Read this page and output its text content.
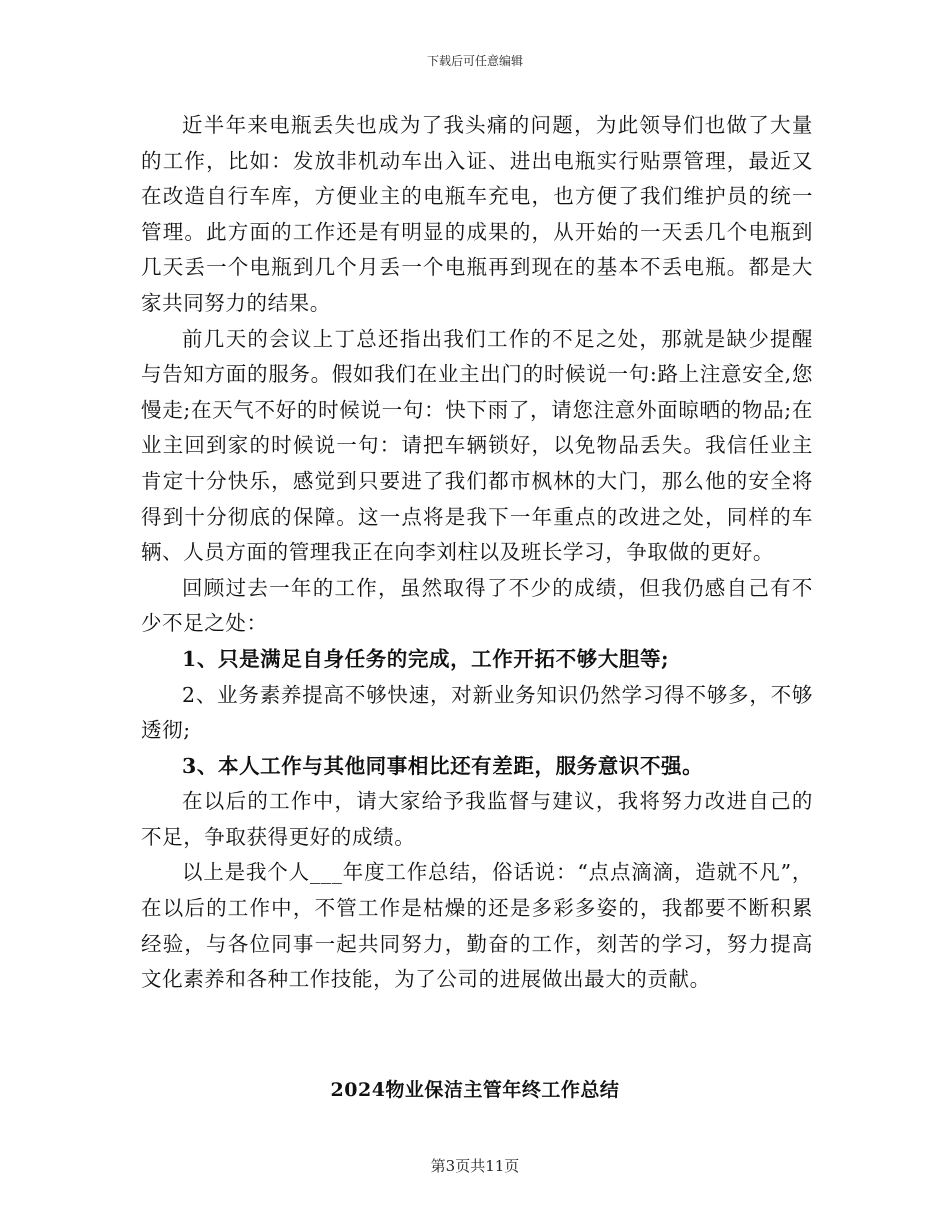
下载后可任意编辑

近半年来电瓶丢失也成为了我头痛的问题，为此领导们也做了大量的工作，比如：发放非机动车出入证、进出电瓶实行贴票管理，最近又在改造自行车库，方便业主的电瓶车充电，也方便了我们维护员的统一管理。此方面的工作还是有明显的成果的，从开始的一天丢几个电瓶到几天丢一个电瓶到几个月丢一个电瓶再到现在的基本不丢电瓶。都是大家共同努力的结果。

前几天的会议上丁总还指出我们工作的不足之处，那就是缺少提醒与告知方面的服务。假如我们在业主出门的时候说一句:路上注意安全,您慢走;在天气不好的时候说一句：快下雨了，请您注意外面晾晒的物品;在业主回到家的时候说一句：请把车辆锁好，以免物品丢失。我信任业主肯定十分快乐，感觉到只要进了我们都市枫林的大门，那么他的安全将得到十分彻底的保障。这一点将是我下一年重点的改进之处，同样的车辆、人员方面的管理我正在向李刘柱以及班长学习，争取做的更好。

回顾过去一年的工作，虽然取得了不少的成绩，但我仍感自己有不少不足之处：

1、只是满足自身任务的完成，工作开拓不够大胆等;

2、业务素养提高不够快速，对新业务知识仍然学习得不够多，不够透彻;

3、本人工作与其他同事相比还有差距，服务意识不强。

在以后的工作中，请大家给予我监督与建议，我将努力改进自己的不足，争取获得更好的成绩。

以上是我个人___年度工作总结，俗话说：“点点滴滴，造就不凡”，在以后的工作中，不管工作是枯燥的还是多彩多姿的，我都要不断积累经验，与各位同事一起共同努力，勤奋的工作，刻苦的学习，努力提高文化素养和各种工作技能，为了公司的进展做出最大的贡献。

2024物业保洁主管年终工作总结
第3页共11页
